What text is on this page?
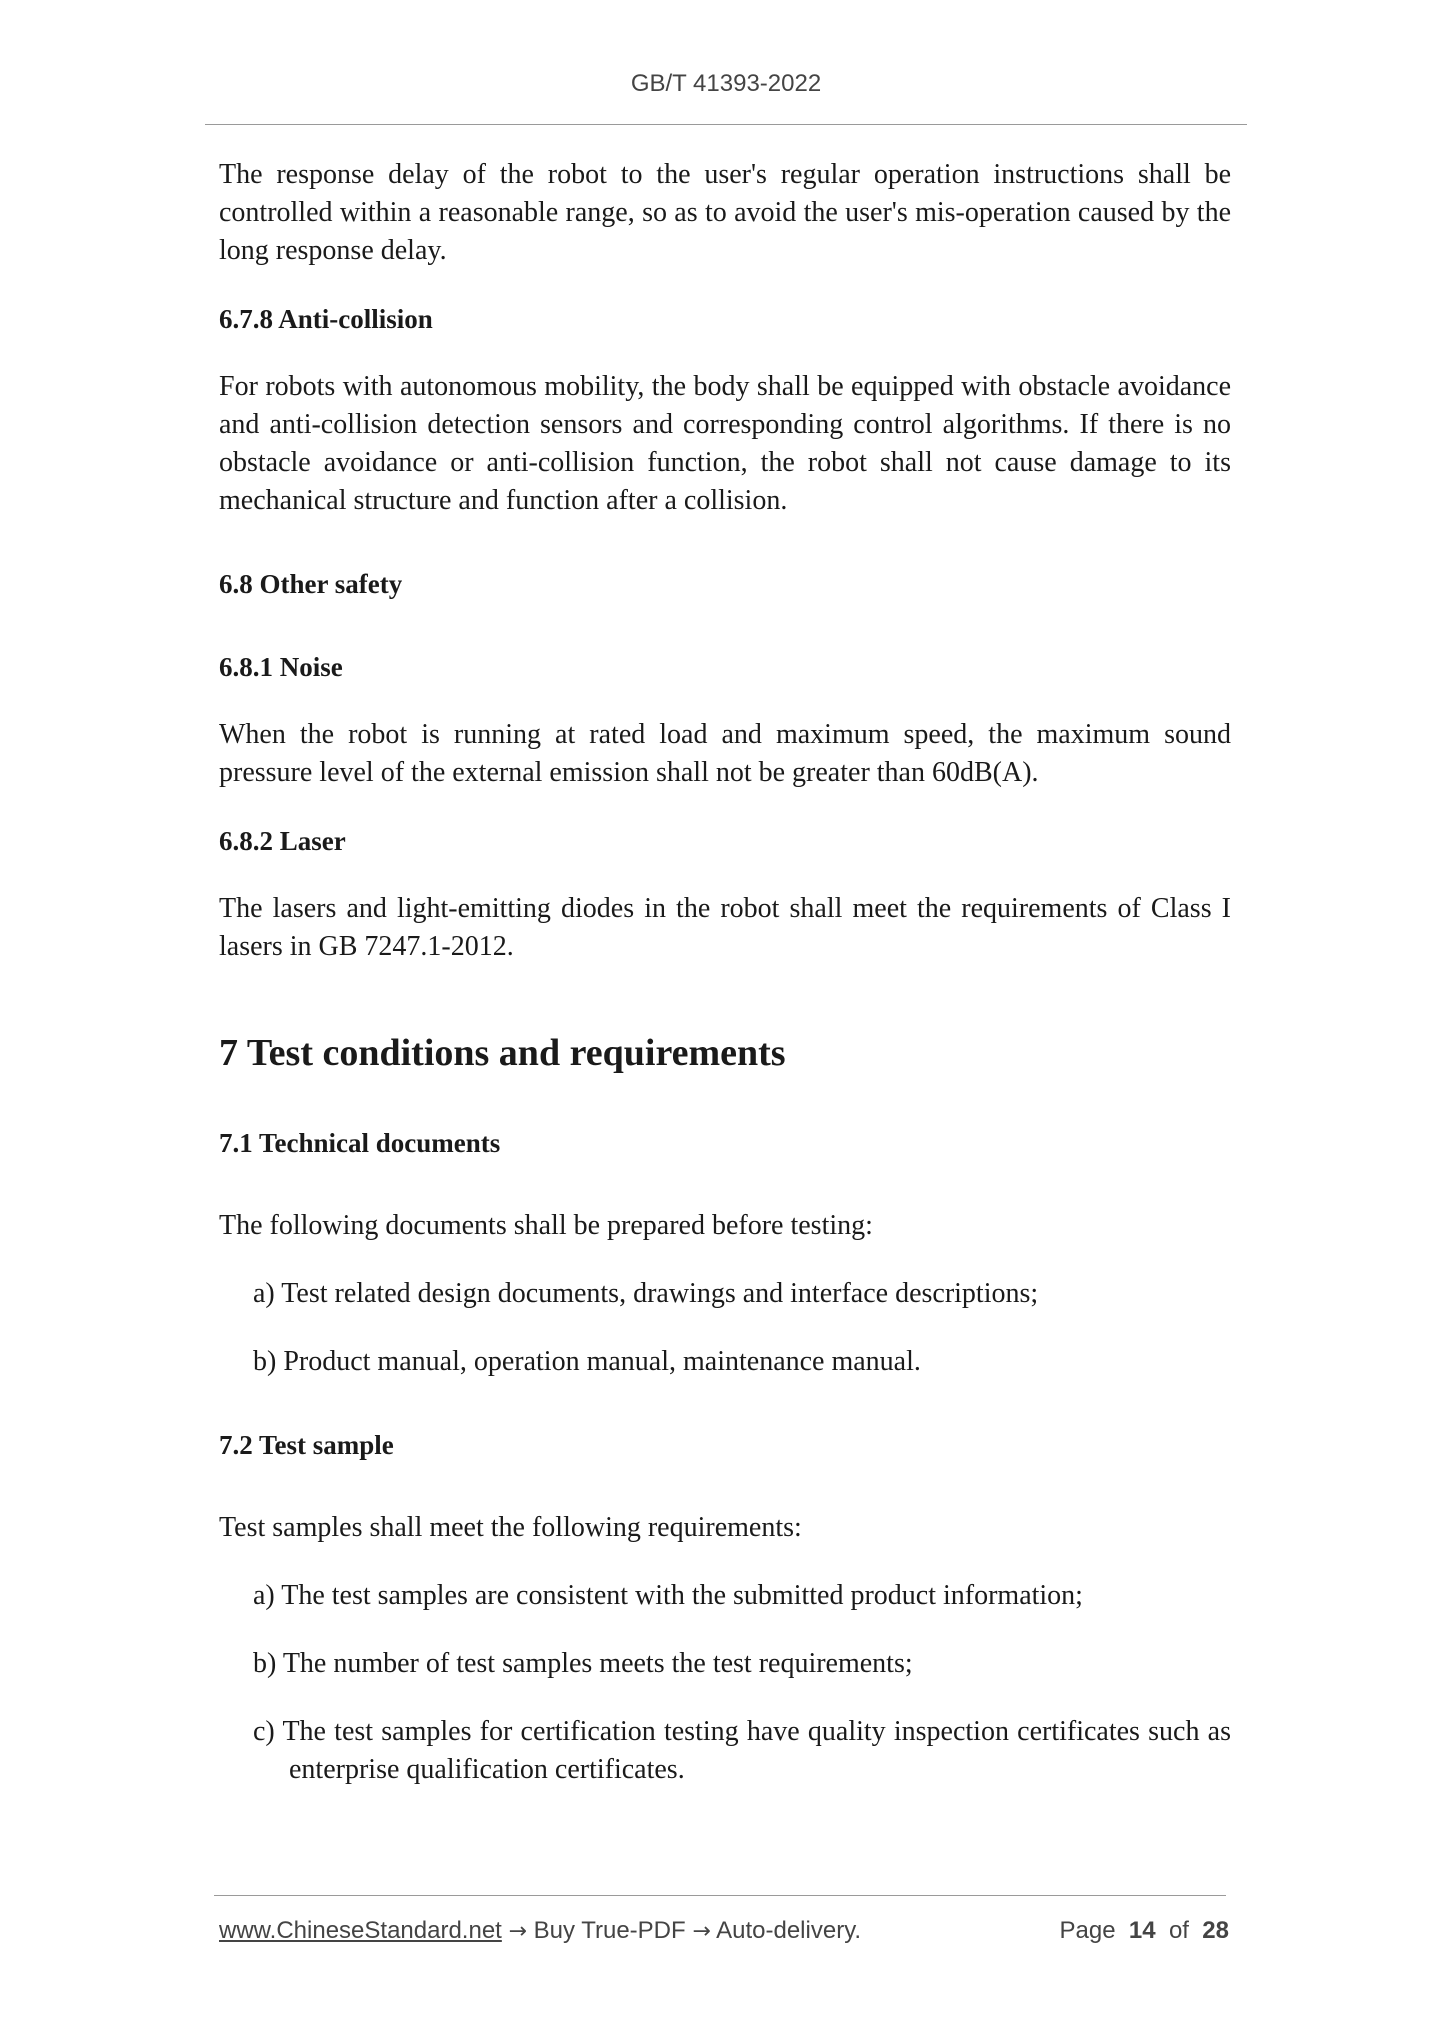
GB/T 41393-2022

The response delay of the robot to the user's regular operation instructions shall be controlled within a reasonable range, so as to avoid the user's mis-operation caused by the long response delay.

6.7.8 Anti-collision

For robots with autonomous mobility, the body shall be equipped with obstacle avoidance and anti-collision detection sensors and corresponding control algorithms. If there is no obstacle avoidance or anti-collision function, the robot shall not cause damage to its mechanical structure and function after a collision.

6.8 Other safety
6.8.1 Noise

When the robot is running at rated load and maximum speed, the maximum sound pressure level of the external emission shall not be greater than 60dB(A).

6.8.2 Laser

The lasers and light-emitting diodes in the robot shall meet the requirements of Class I lasers in GB 7247.1-2012.

7 Test conditions and requirements
7.1 Technical documents

The following documents shall be prepared before testing:

a) Test related design documents, drawings and interface descriptions;

b) Product manual, operation manual, maintenance manual.

7.2 Test sample

Test samples shall meet the following requirements:

a) The test samples are consistent with the submitted product information;

b) The number of test samples meets the test requirements;

c) The test samples for certification testing have quality inspection certificates such as enterprise qualification certificates.

www.ChineseStandard.net → Buy True-PDF → Auto-delivery.	Page 14 of 28
